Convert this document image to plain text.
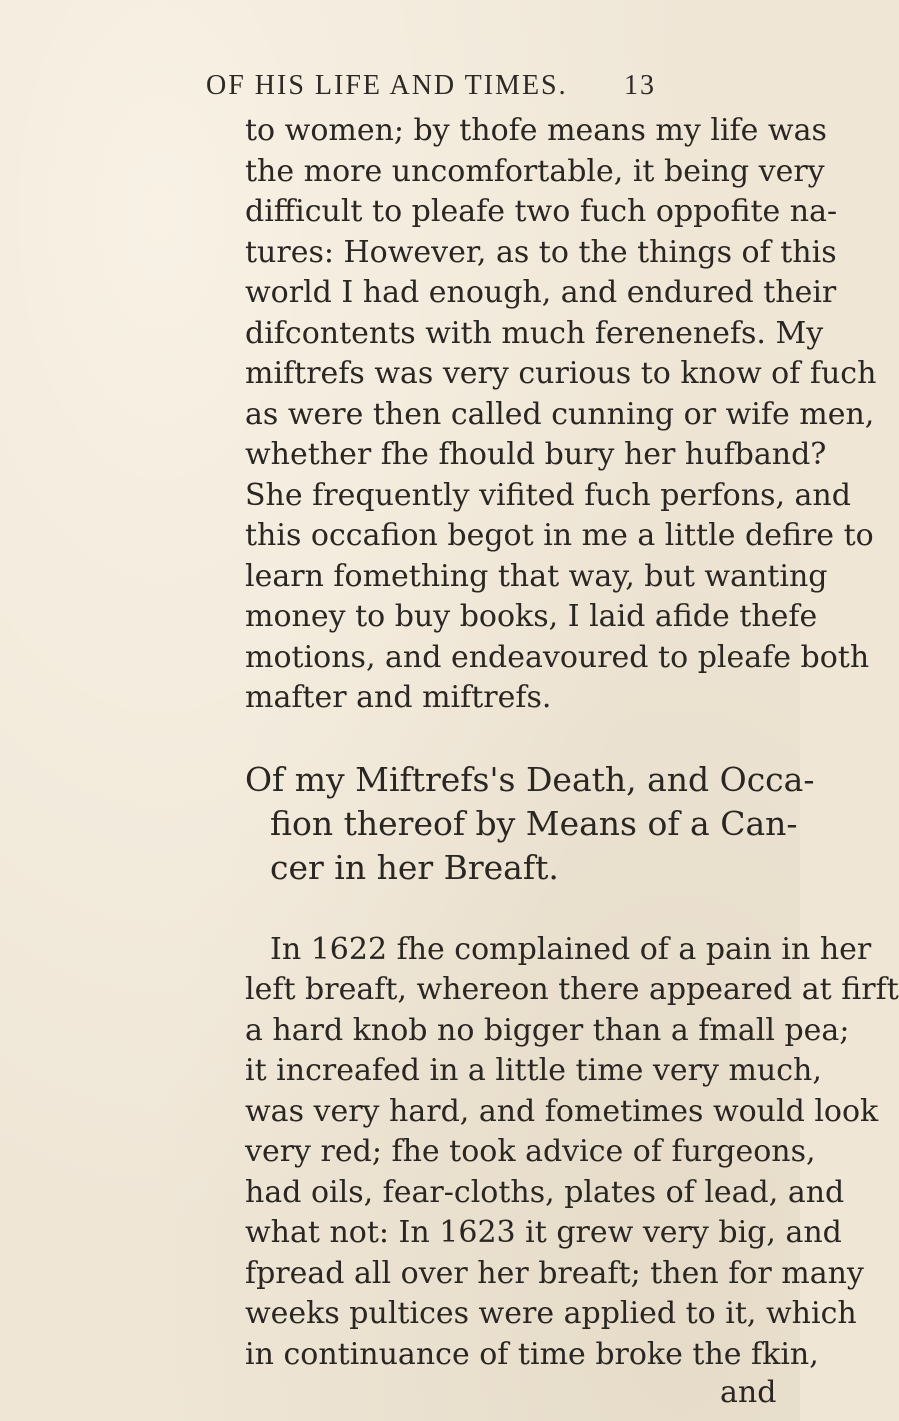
OF HIS LIFE AND TIMES. 13
to women; by thofe means my life was
the more uncomfortable, it being very
difficult to pleafe two fuch oppofite na-
tures: However, as to the things of this
world I had enough, and endured their
difcontents with much ferenenefs. My
miftrefs was very curious to know of fuch
as were then called cunning or wife men,
whether fhe fhould bury her hufband?
She frequently vifited fuch perfons, and
this occafion begot in me a little defire to
learn fomething that way, but wanting
money to buy books, I laid afide thefe
motions, and endeavoured to pleafe both
mafter and miftrefs.
Of my Miftrefs's Death, and Occa-
fion thereof by Means of a Can-
cer in her Breaft.
In 1622 fhe complained of a pain in her
left breaft, whereon there appeared at firft
a hard knob no bigger than a fmall pea;
it increafed in a little time very much,
was very hard, and fometimes would look
very red; fhe took advice of furgeons,
had oils, fear-cloths, plates of lead, and
what not: In 1623 it grew very big, and
fpread all over her breaft; then for many
weeks pultices were applied to it, which
in continuance of time broke the fkin,
and
